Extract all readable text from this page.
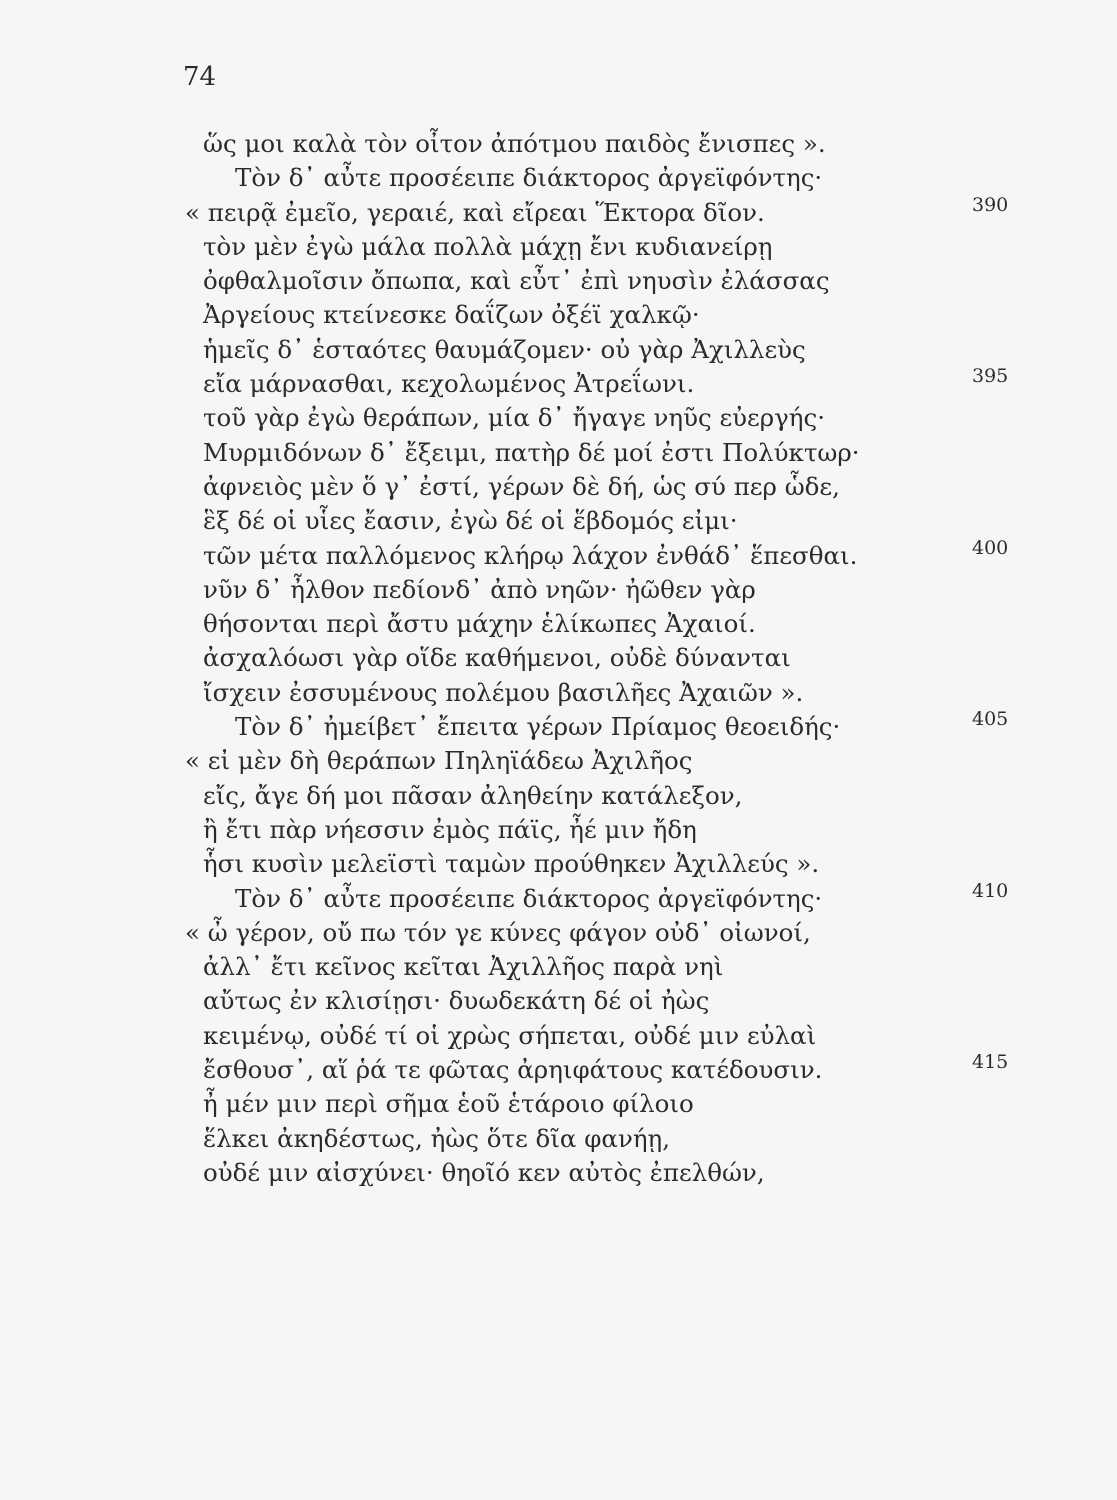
74
ὥς μοι καλὰ τὸν οἶτον ἀπότμου παιδὸς ἔνισπες ».
Τὸν δ᾽ αὖτε προσέειπε διάκτορος ἀργεϊφόντης·
« πειρᾷ ἐμεῖο, γεραιέ, καὶ εἴρεαι Ἕκτορα δῖον.	390
τὸν μὲν ἐγὼ μάλα πολλὰ μάχῃ ἔνι κυδιανείρῃ
ὀφθαλμοῖσιν ὄπωπα, καὶ εὖτ᾽ ἐπὶ νηυσὶν ἐλάσσας
Ἀργείους κτείνεσκε δαΐζων ὀξέϊ χαλκῷ·
ἡμεῖς δ᾽ ἑσταότες θαυμάζομεν· οὐ γὰρ Ἀχιλλεὺς
εἴα μάρνασθαι, κεχολωμένος Ἀτρεΐωνι.	395
τοῦ γὰρ ἐγὼ θεράπων, μία δ᾽ ἤγαγε νηῦς εὐεργής·
Μυρμιδόνων δ᾽ ἔξειμι, πατὴρ δέ μοί ἐστι Πολύκτωρ·
ἀφνειὸς μὲν ὅ γ᾽ ἐστί, γέρων δὲ δή, ὡς σύ περ ὧδε,
ἓξ δέ οἱ υἷες ἔασιν, ἐγὼ δέ οἱ ἕβδομός εἰμι·
τῶν μέτα παλλόμενος κλήρῳ λάχον ἐνθάδ᾽ ἕπεσθαι.	400
νῦν δ᾽ ἦλθον πεδίονδ᾽ ἀπὸ νηῶν· ἠῶθεν γὰρ
θήσονται περὶ ἄστυ μάχην ἑλίκωπες Ἀχαιοί.
ἀσχαλόωσι γὰρ οἵδε καθήμενοι, οὐδὲ δύνανται
ἴσχειν ἐσσυμένους πολέμου βασιλῆες Ἀχαιῶν ».
Τὸν δ᾽ ἠμείβετ᾽ ἔπειτα γέρων Πρίαμος θεοειδής·	405
« εἰ μὲν δὴ θεράπων Πηληϊάδεω Ἀχιλῆος
εἴς, ἄγε δή μοι πᾶσαν ἀληθείην κατάλεξον,
ἢ ἔτι πὰρ νήεσσιν ἐμὸς πάϊς, ἦέ μιν ἤδη
ἧσι κυσὶν μελεϊστὶ ταμὼν προύθηκεν Ἀχιλλεύς ».
Τὸν δ᾽ αὖτε προσέειπε διάκτορος ἀργεϊφόντης·	410
« ὦ γέρον, οὔ πω τόν γε κύνες φάγον οὐδ᾽ οἰωνοί,
ἀλλ᾽ ἔτι κεῖνος κεῖται Ἀχιλλῆος παρὰ νηὶ
αὔτως ἐν κλισίῃσι· δυωδεκάτη δέ οἱ ἠὼς
κειμένῳ, οὐδέ τί οἱ χρὼς σήπεται, οὐδέ μιν εὐλαὶ
ἔσθουσ᾽, αἵ ῥά τε φῶτας ἀρηιφάτους κατέδουσιν.	415
ἦ μέν μιν περὶ σῆμα ἑοῦ ἑτάροιο φίλοιο
ἕλκει ἀκηδέστως, ἠὼς ὅτε δῖα φανήῃ,
οὐδέ μιν αἰσχύνει· θηοῖό κεν αὐτὸς ἐπελθών,
